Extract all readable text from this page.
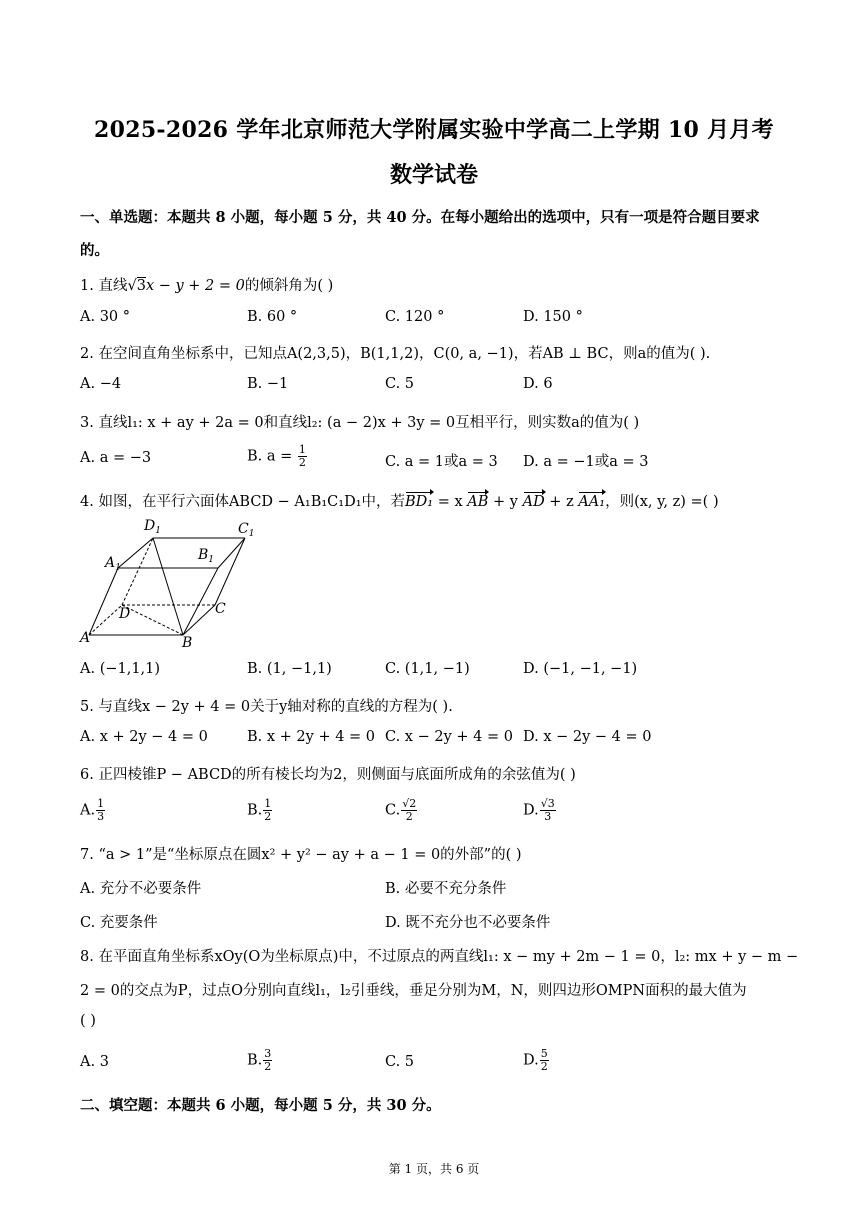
2025-2026 学年北京师范大学附属实验中学高二上学期 10 月月考
数学试卷
一、单选题：本题共 8 小题，每小题 5 分，共 40 分。在每小题给出的选项中，只有一项是符合题目要求
的。
1. 直线√3x − y + 2 = 0的倾斜角为( )
A. 30 °	B. 60 °	C. 120 °	D. 150 °
2. 在空间直角坐标系中，已知点A(2,3,5)，B(1,1,2)，C(0, a, −1)，若AB ⊥ BC，则a的值为( ).
A. −4	B. −1	C. 5	D. 6
3. 直线l₁: x + ay + 2a = 0和直线l₂: (a − 2)x + 3y = 0互相平行，则实数a的值为( )
A. a = −3	B. $a = \frac{1}{2}$	C. a = 1或a = 3 D. a = −1或a = 3
4. 如图，在平行六面体ABCD − A₁B₁C₁D₁中，若BD₁ = x AB + y AD + z AA₁，则(x, y, z) =( )
$D_1$	$C_1$
$A_1$
$B_1$
D	C
A	B
A. (−1,1,1)	B. (1, −1,1)	C. (1,1, −1)	D. (−1, −1, −1)
5. 与直线x − 2y + 4 = 0关于y轴对称的直线的方程为( ).
A. x + 2y − 4 = 0	B. x + 2y + 4 = 0 C. x − 2y + 4 = 0 D. x − 2y − 4 = 0
6. 正四棱锥P − ABCD的所有棱长均为2，则侧面与底面所成角的余弦值为( )
A. $\frac{1}{3}$	B. $\frac{1}{2}$	C. $\frac{√2}{2}$	D. $\frac{√3}{3}$
7. “a > 1”是“坐标原点在圆x² + y² − ay + a − 1 = 0的外部”的( )
A. 充分不必要条件	B. 必要不充分条件
C. 充要条件	D. 既不充分也不必要条件
8. 在平面直角坐标系xOy(O为坐标原点)中，不过原点的两直线l₁: x − my + 2m − 1 = 0，l₂: mx + y − m −
2 = 0的交点为P，过点O分别向直线l₁，l₂引垂线，垂足分别为M，N，则四边形OMPN面积的最大值为
( )
A. 3	B. $\frac{3}{2}$	C. 5	D. $\frac{5}{2}$
二、填空题：本题共 6 小题，每小题 5 分，共 30 分。
第 1 页，共 6 页
